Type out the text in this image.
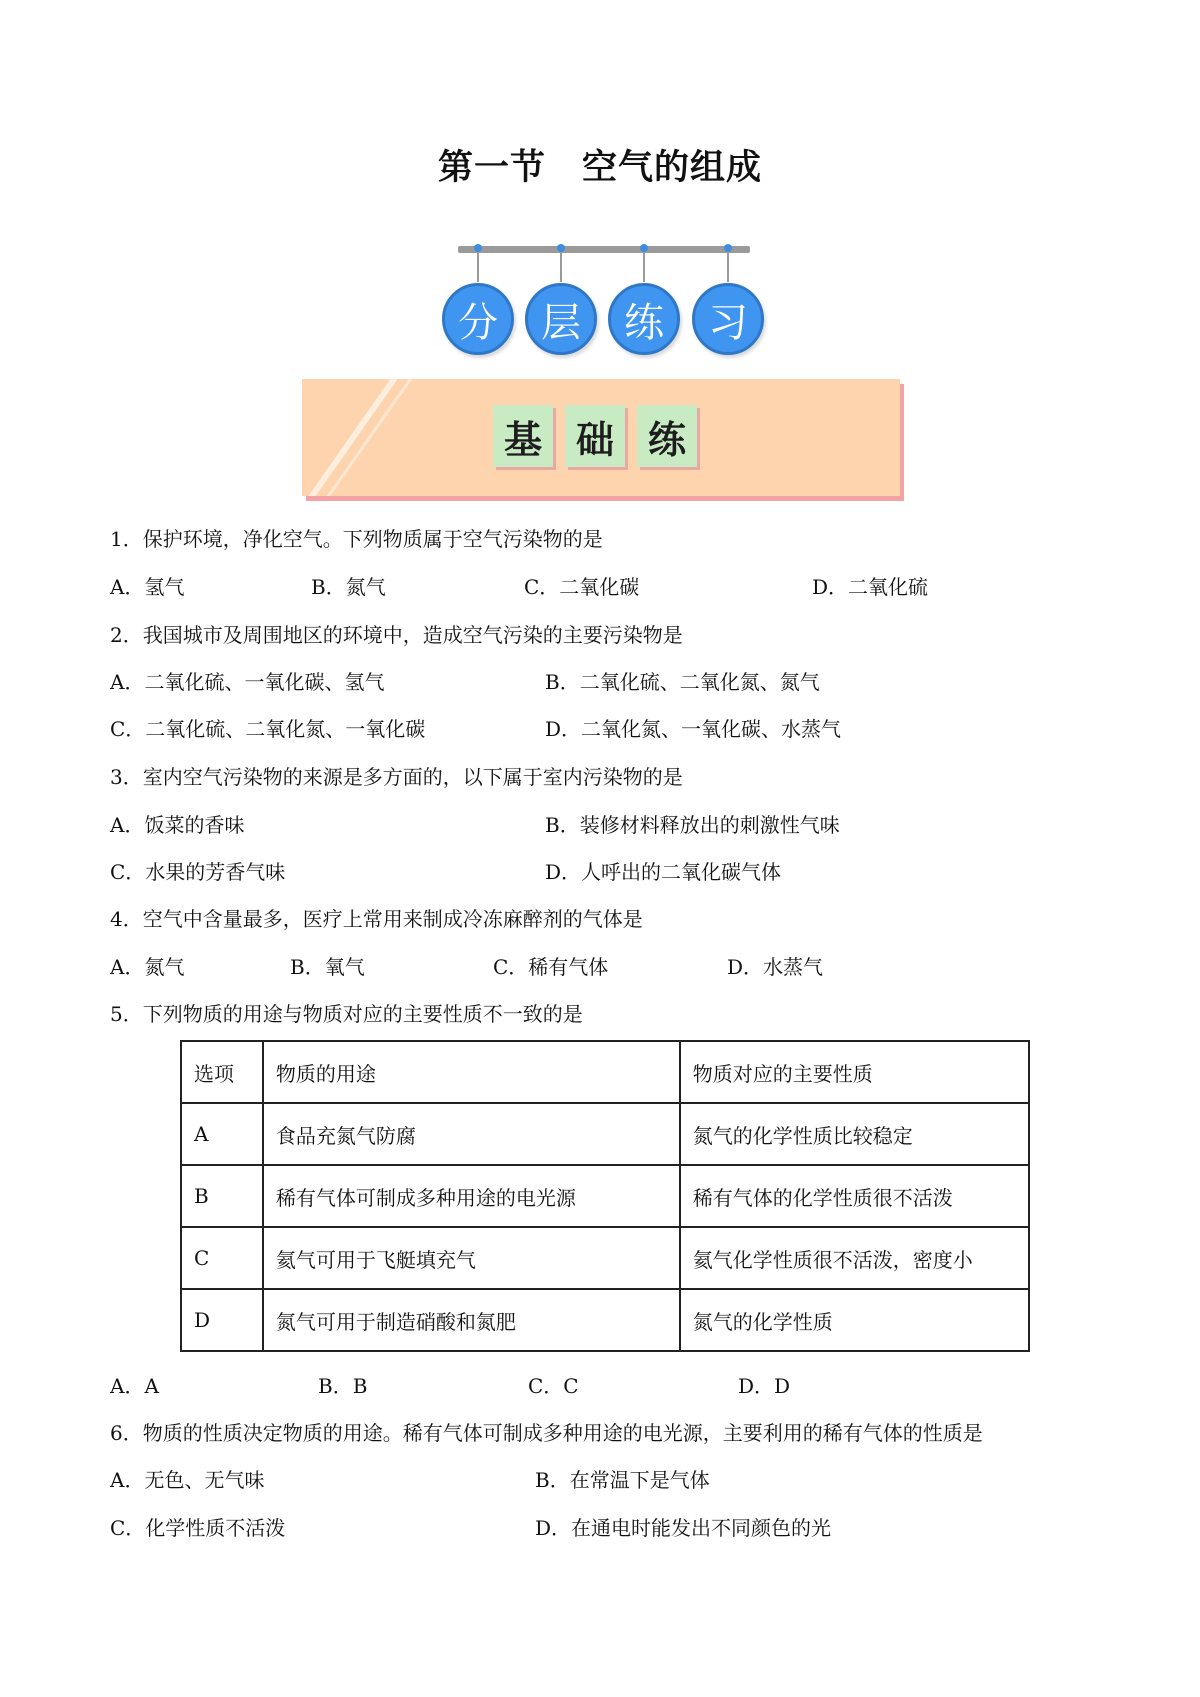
第一节 空气的组成
分	层	练	习
基 础 练
1．保护环境，净化空气。下列物质属于空气污染物的是
A．氢气	B．氮气	C．二氧化碳	D．二氧化硫
2．我国城市及周围地区的环境中，造成空气污染的主要污染物是
A．二氧化硫、一氧化碳、氢气	B．二氧化硫、二氧化氮、氮气
C．二氧化硫、二氧化氮、一氧化碳	D．二氧化氮、一氧化碳、水蒸气
3．室内空气污染物的来源是多方面的，以下属于室内污染物的是
A．饭菜的香味	B．装修材料释放出的刺激性气味
C．水果的芳香气味	D．人呼出的二氧化碳气体
4．空气中含量最多，医疗上常用来制成冷冻麻醉剂的气体是
A．氮气	B．氧气	C．稀有气体	D．水蒸气
5．下列物质的用途与物质对应的主要性质不一致的是
选项	物质的用途	物质对应的主要性质
A	食品充氮气防腐	氮气的化学性质比较稳定
B	稀有气体可制成多种用途的电光源	稀有气体的化学性质很不活泼
C	氦气可用于飞艇填充气	氦气化学性质很不活泼，密度小
D	氮气可用于制造硝酸和氮肥	氮气的化学性质
A．A	B．B	C．C	D．D
6．物质的性质决定物质的用途。稀有气体可制成多种用途的电光源，主要利用的稀有气体的性质是
A．无色、无气味	B．在常温下是气体
C．化学性质不活泼	D．在通电时能发出不同颜色的光
